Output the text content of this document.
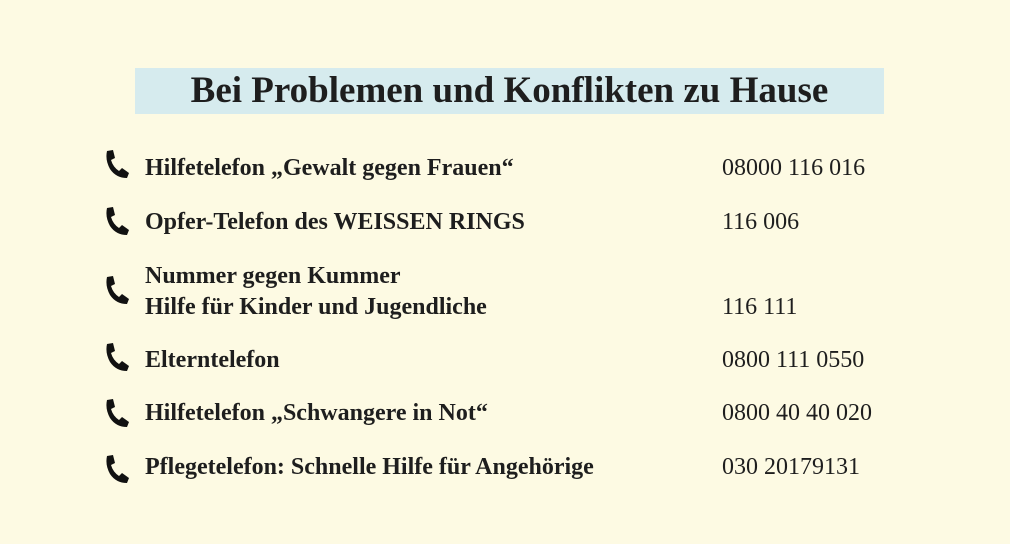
Bei Problemen und Konflikten zu Hause
Hilfetelefon „Gewalt gegen Frauen“	08000 116 016
Opfer-Telefon des WEISSEN RINGS	116 006
Nummer gegen Kummer
Hilfe für Kinder und Jugendliche	116 111
Elterntelefon	0800 111 0550
Hilfetelefon „Schwangere in Not“	0800 40 40 020
Pflegetelefon: Schnelle Hilfe für Angehörige	030 20179131
